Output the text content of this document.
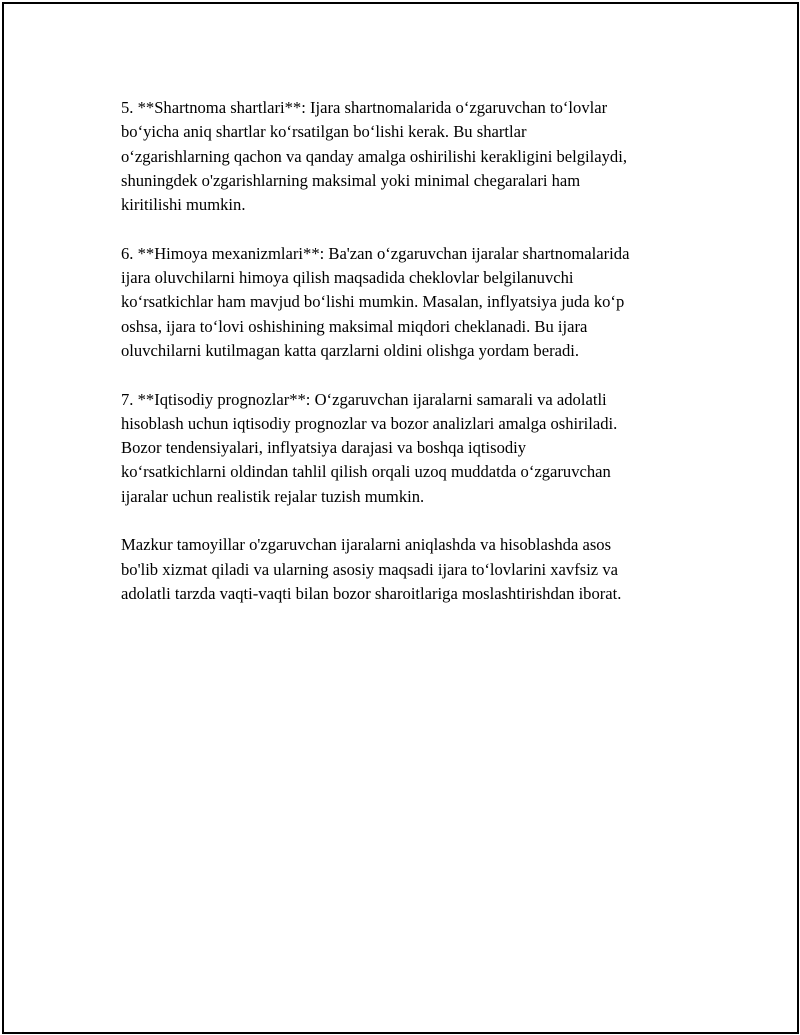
5. **Shartnoma shartlari**: Ijara shartnomalarida o‘zgaruvchan to‘lovlar
bo‘yicha aniq shartlar ko‘rsatilgan bo‘lishi kerak. Bu shartlar
o‘zgarishlarning qachon va qanday amalga oshirilishi kerakligini belgilaydi,
shuningdek o'zgarishlarning maksimal yoki minimal chegaralari ham
kiritilishi mumkin.

6. **Himoya mexanizmlari**: Ba'zan o‘zgaruvchan ijaralar shartnomalarida
ijara oluvchilarni himoya qilish maqsadida cheklovlar belgilanuvchi
ko‘rsatkichlar ham mavjud bo‘lishi mumkin. Masalan, inflyatsiya juda ko‘p
oshsa, ijara to‘lovi oshishining maksimal miqdori cheklanadi. Bu ijara
oluvchilarni kutilmagan katta qarzlarni oldini olishga yordam beradi.

7. **Iqtisodiy prognozlar**: O‘zgaruvchan ijaralarni samarali va adolatli
hisoblash uchun iqtisodiy prognozlar va bozor analizlari amalga oshiriladi.
Bozor tendensiyalari, inflyatsiya darajasi va boshqa iqtisodiy
ko‘rsatkichlarni oldindan tahlil qilish orqali uzoq muddatda o‘zgaruvchan
ijaralar uchun realistik rejalar tuzish mumkin.

Mazkur tamoyillar o'zgaruvchan ijaralarni aniqlashda va hisoblashda asos
bo'lib xizmat qiladi va ularning asosiy maqsadi ijara to‘lovlarini xavfsiz va
adolatli tarzda vaqti-vaqti bilan bozor sharoitlariga moslashtirishdan iborat.
